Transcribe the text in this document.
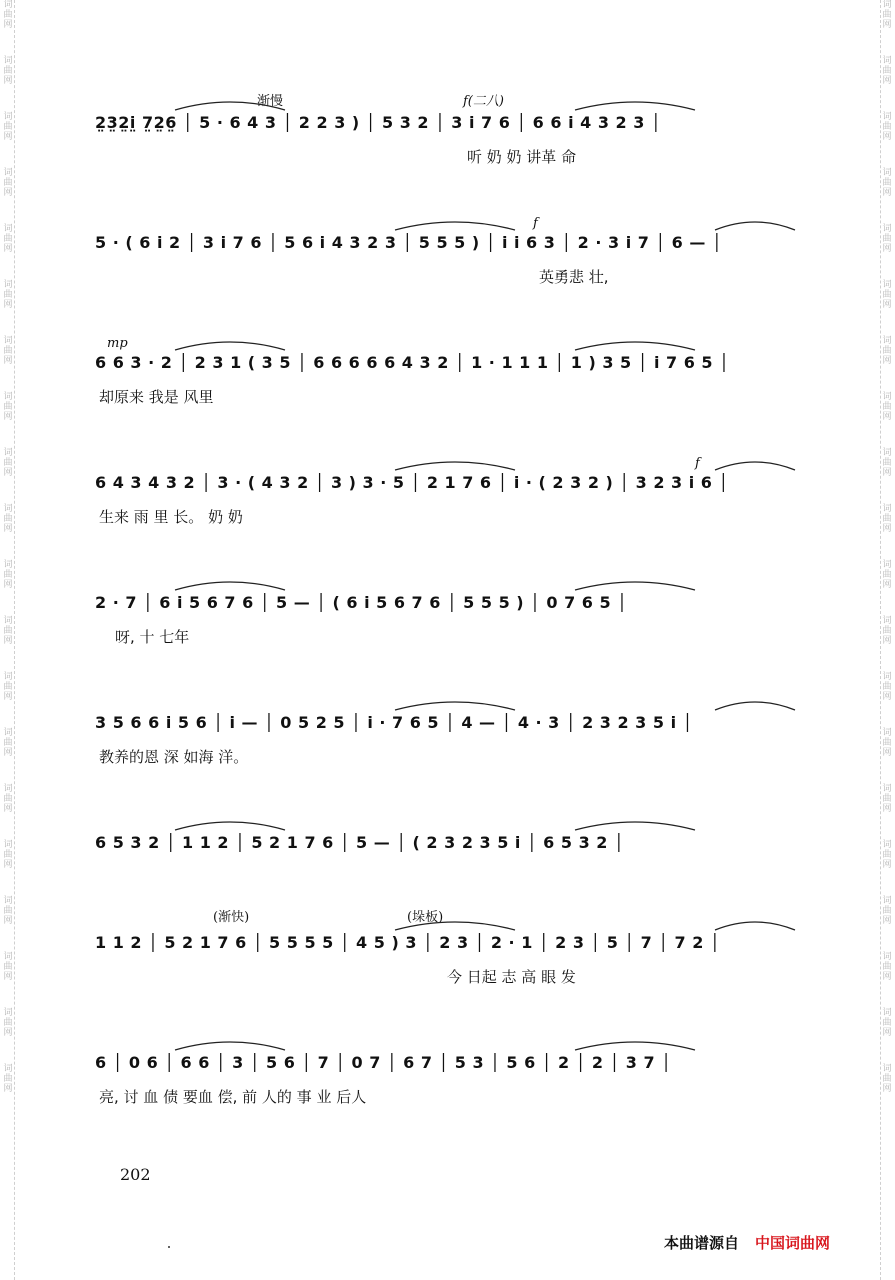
词曲网
词曲网
词曲网
词曲网
词曲网
词曲网
词曲网
词曲网
词曲网
词曲网
词曲网
词曲网
词曲网
词曲网
词曲网
词曲网
词曲网
词曲网
词曲网
词曲网
词曲网
词曲网
词曲网
词曲网
词曲网
词曲网
词曲网
词曲网
词曲网
词曲网
词曲网
词曲网
词曲网
词曲网
词曲网
词曲网
词曲网
词曲网
词曲网
词曲网
渐慢	f(二八)
2̤3̤2̤i̤ 7̤2̤6̤ │ 5 · 6 4 3 │ 2 2 3 ) │ 5 3 2 │ 3 i 7 6 │ 6 6 i 4 3 2 3 │
听 奶 奶 讲革 命
f
5 · ( 6 i 2 │ 3 i 7 6 │ 5 6 i 4 3 2 3 │ 5 5 5 ) │ i i 6 3 │ 2 · 3 i 7 │ 6 — │
英勇悲 壮,
mp
6 6 3 · 2 │ 2 3 1 ( 3 5 │ 6 6 6 6 6 4 3 2 │ 1 · 1 1 1 │ 1 ) 3 5 │ i 7 6 5 │
却原来 我是 风里
f
6 4 3 4 3 2 │ 3 · ( 4 3 2 │ 3 ) 3 · 5 │ 2 1 7 6 │ i · ( 2 3 2 ) │ 3 2 3 i 6 │
生来 雨 里 长。 奶 奶
2 · 7 │ 6 i 5 6 7 6 │ 5 — │ ( 6 i 5 6 7 6 │ 5 5 5 ) │ 0 7 6 5 │
呀, 十 七年
3 5 6 6 i 5 6 │ i — │ 0 5 2 5 │ i · 7 6 5 │ 4 — │ 4 · 3 │ 2 3 2 3 5 i │
教养的恩 深 如海 洋。
6 5 3 2 │ 1 1 2 │ 5 2 1 7 6 │ 5 — │ ( 2 3 2 3 5 i │ 6 5 3 2 │
(渐快)	(垛板)
1 1 2 │ 5 2 1 7 6 │ 5 5 5 5 │ 4 5 ) 3 │ 2 3 │ 2 · 1 │ 2 3 │ 5 │ 7 │ 7 2 │
今 日起 志 高 眼 发
6 │ 0 6 │ 6 6 │ 3 │ 5 6 │ 7 │ 0 7 │ 6 7 │ 5 3 │ 5 6 │ 2 │ 2 │ 3 7 │
亮, 讨 血 债 要血 偿, 前 人的 事 业 后人
202
本曲谱源自 中国词曲网
